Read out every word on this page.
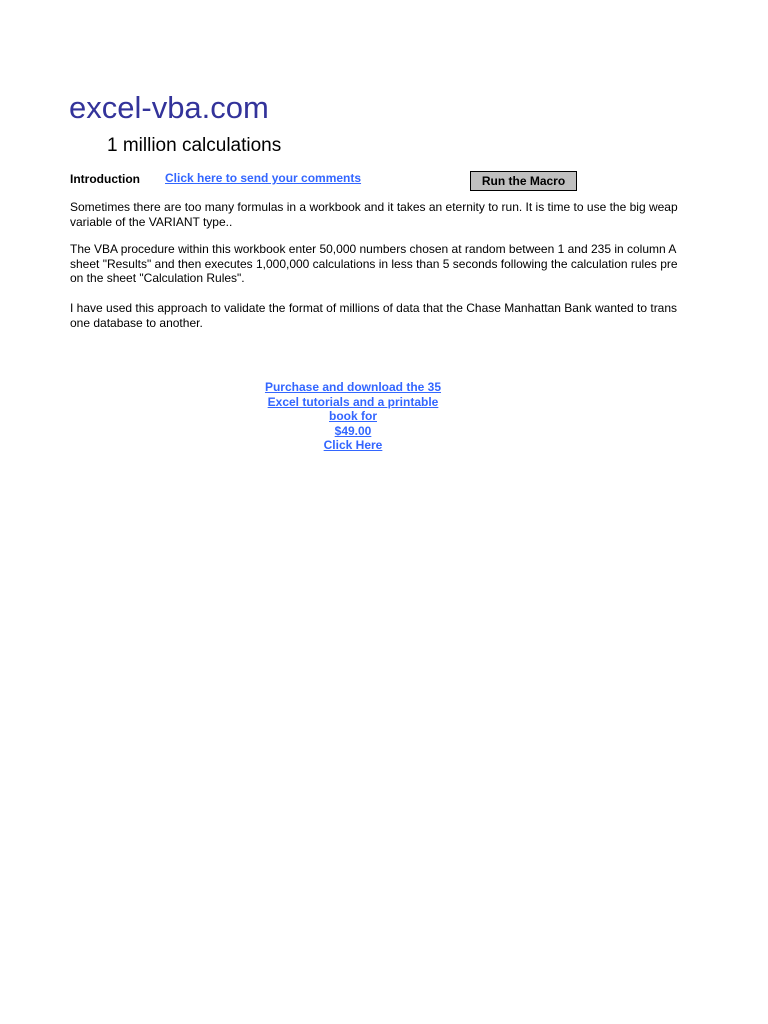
excel-vba.com
1 million calculations
Introduction Click here to send your comments	Run the Macro
Sometimes there are too many formulas in a workbook and it takes an eternity to run. It is time to use the big weap
variable of the VARIANT type..
The VBA procedure within this workbook enter 50,000 numbers chosen at random between 1 and 235 in column A
sheet "Results" and then executes 1,000,000 calculations in less than 5 seconds following the calculation rules pre
on the sheet "Calculation Rules".
I have used this approach to validate the format of millions of data that the Chase Manhattan Bank wanted to trans
one database to another.
Purchase and download the 35
Excel tutorials and a printable
book for
$49.00
Click Here
